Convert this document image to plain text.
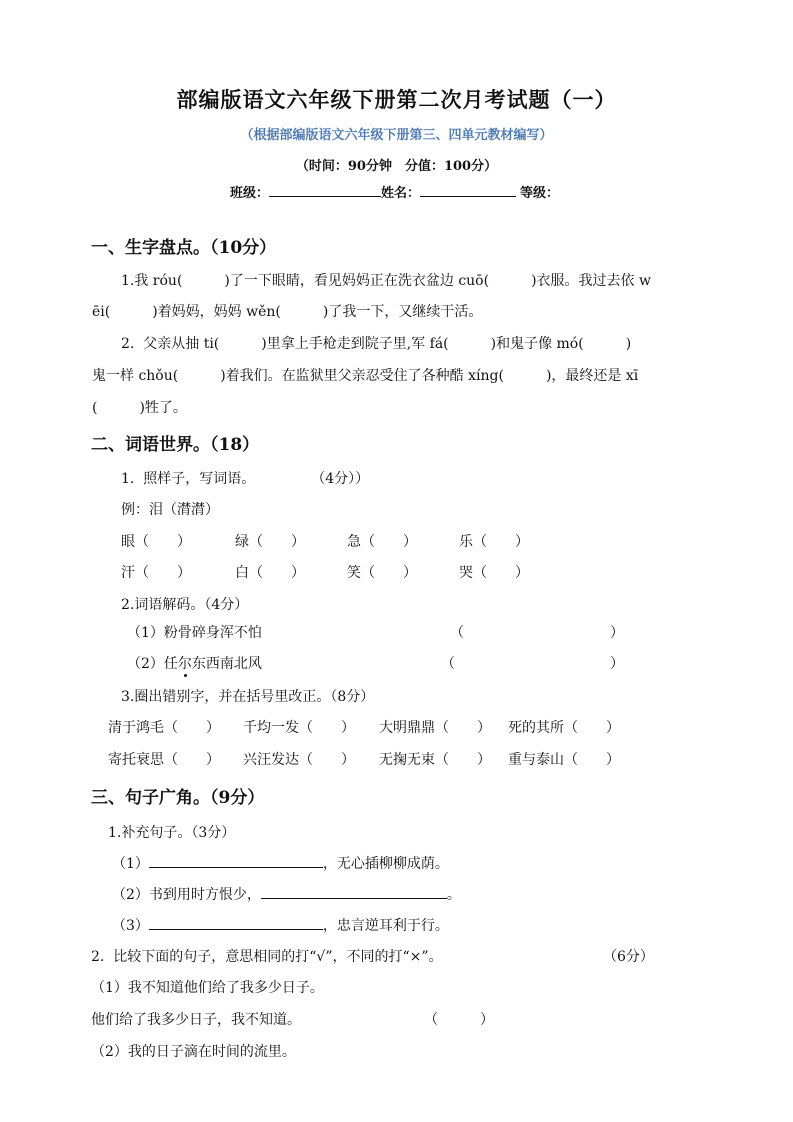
部编版语文六年级下册第二次月考试题（一）
（根据部编版语文六年级下册第三、四单元教材编写）
（时间：90分钟　分值：100分）
班级：	姓名：	等级：
一、生字盘点。（10分）
1.我 róu(　　　)了一下眼睛，看见妈妈正在洗衣盆边 cuō(　　　)衣服。我过去依 w
ēi(　　　)着妈妈，妈妈 wěn(　　　)了我一下，又继续干活。
2.  父亲从抽 ti(　　　)里拿上手枪走到院子里,军 fá(　　　)和鬼子像 mó(　　　)
鬼一样 chǒu(　　　)着我们。在监狱里父亲忍受住了各种酷 xíng(　　　)，最终还是 xī
(　　　)牲了。
二、词语世界。（18）
1.  照样子，写词语。　　　　　（4分））
例：泪（潸潸）
眼（　　）	绿（　　）	急（　　）	乐（　　）
汗（　　）	白（　　）	笑（　　）	哭（　　）
2.词语解码。（4分）
（1）粉骨碎身浑不怕	（	）
（2）任尔东西南北风	（	）
3.圈出错别字，并在括号里改正。（8分）
清于鸿毛（　　） 千均一发（　　） 大明鼎鼎（　　） 死的其所（　　）
寄托衰思（　　） 兴汪发达（　　） 无掬无束（　　） 重与泰山（　　）
三、句子广角。（9分）
1.补充句子。（3分）
（1）	，无心插柳柳成荫。
（2）书到用时方恨少，	。
（3）	，忠言逆耳利于行。
2.  比较下面的句子，意思相同的打“√”，不同的打“×”。	（6分）
（1）我不知道他们给了我多少日子。
他们给了我多少日子，我不知道。	（　　　）
（2）我的日子滴在时间的流里。
